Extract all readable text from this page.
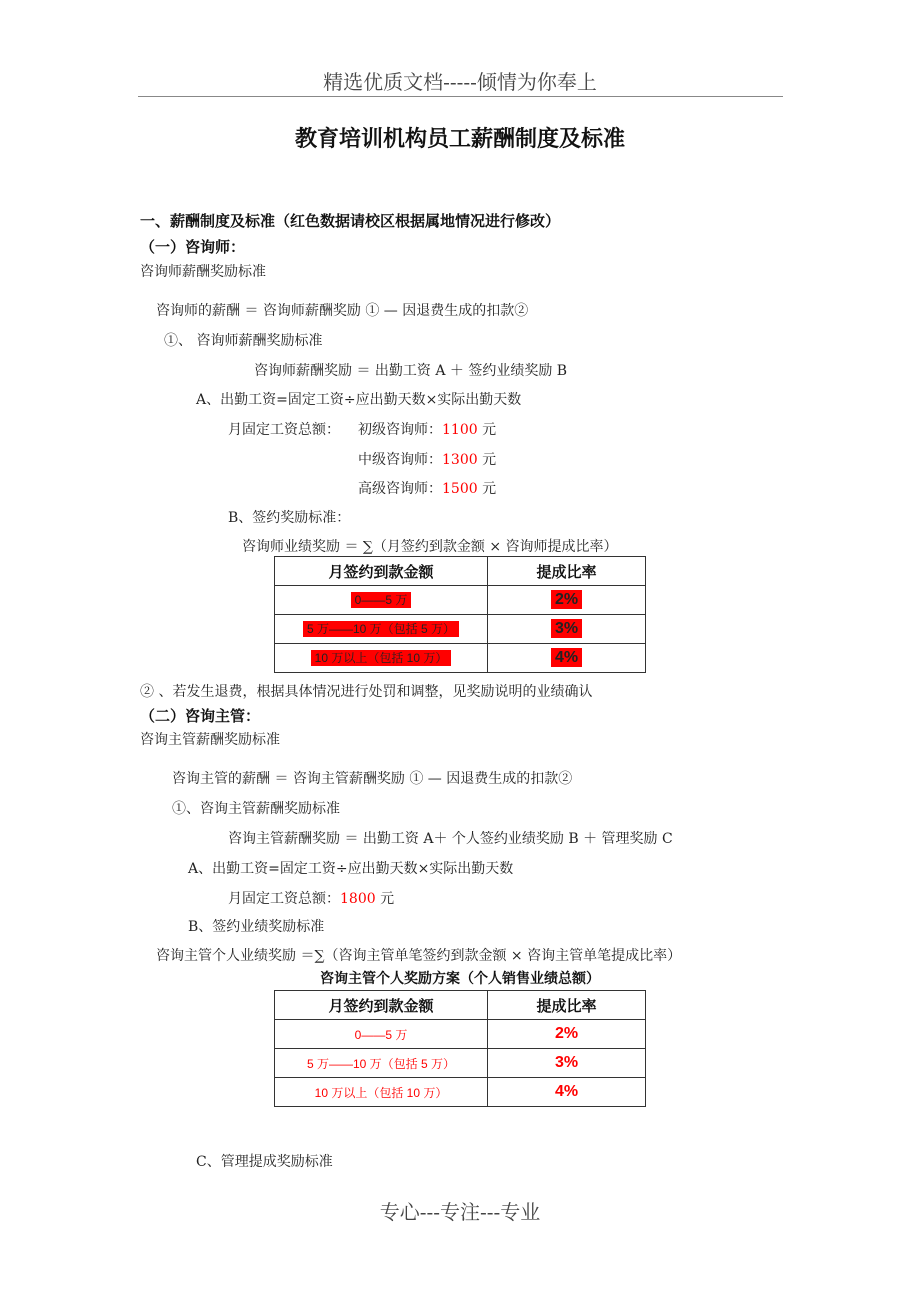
精选优质文档-----倾情为你奉上
教育培训机构员工薪酬制度及标准
一、薪酬制度及标准（红色数据请校区根据属地情况进行修改）
（一）咨询师：
咨询师薪酬奖励标准
咨询师的薪酬 ＝ 咨询师薪酬奖励 ① — 因退费生成的扣款②
①、 咨询师薪酬奖励标准
咨询师薪酬奖励 ＝ 出勤工资 A ＋ 签约业绩奖励 B
A、出勤工资=固定工资÷应出勤天数×实际出勤天数
月固定工资总额： 初级咨询师：1100 元
中级咨询师：1300 元
高级咨询师：1500 元
B、签约奖励标准：
咨询师业绩奖励 ＝ ∑（月签约到款金额 × 咨询师提成比率）
月签约到款金额	提成比率
0——5 万	2%
5 万——10 万（包括 5 万）	3%
10 万以上（包括 10 万）	4%
② 、若发生退费，根据具体情况进行处罚和调整，见奖励说明的业绩确认
（二）咨询主管：
咨询主管薪酬奖励标准
咨询主管的薪酬 ＝ 咨询主管薪酬奖励 ① — 因退费生成的扣款②
①、咨询主管薪酬奖励标准
咨询主管薪酬奖励 ＝ 出勤工资 A＋ 个人签约业绩奖励 B ＋ 管理奖励 C
A、出勤工资=固定工资÷应出勤天数×实际出勤天数
月固定工资总额：1800 元
B、签约业绩奖励标准
咨询主管个人业绩奖励 ＝∑（咨询主管单笔签约到款金额 × 咨询主管单笔提成比率）
咨询主管个人奖励方案（个人销售业绩总额）
月签约到款金额	提成比率
0——5 万	2%
5 万——10 万（包括 5 万）	3%
10 万以上（包括 10 万）	4%
C、管理提成奖励标准
专心---专注---专业
